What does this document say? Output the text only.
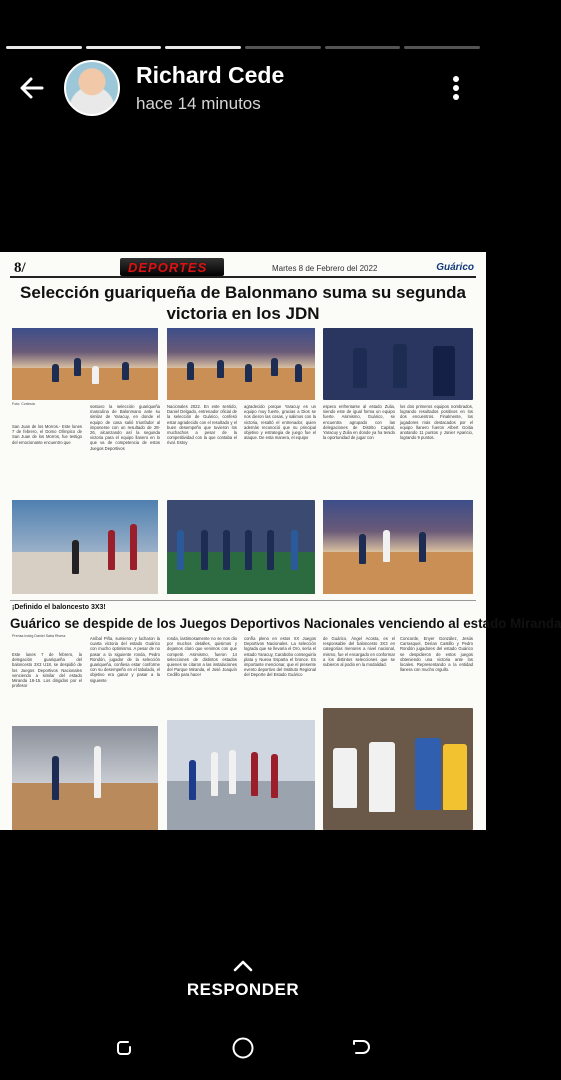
Richard Cede
hace 14 minutos
8/	DEPORTES	Martes 8 de Febrero del 2022	Guárico
Selección guariqueña de Balonmano suma su segunda victoria en los JDN
Foto: Cortesía
San Juan de los Morros.- Este lunes 7 de febrero, el Domo Olímpico de San Juan de los Morros, fue testigo del emocionante encuentro que
sostuvo la selección guariqueña masculina de Balonmano ante su similar de Yaracuy, en donde el equipo de casa salió triunfador al imponerse con un resultado de 28-26, alcanzando así la segunda victoria para el equipo llanero en lo que va de competencia de estos Juegos Deportivos
Nacionales 2022. En este sentido, Daniel Delgado, entrenador oficial de la selección de Guárico, confesó estar agradecido con el resultado y el buen desempeño que tuvieron los muchachos a pesar de la competitividad con la que contaba el rival. Estoy
agradecido porque Yaracuy es un equipo muy fuerte, gracias a Dios se nos dieron las cosas, y salimos con la victoria, resaltó el entrenador, quien además reconoció que su principal objetivo y estrategia de juego fue el ataque. De esta manera, el equipo
espera enfrentarse al estado Zulia, siendo este de igual forma un equipo fuerte. Asimismo, Guárico, se encuentra agrupado con las delegaciones de Distrito Capital, Yaracuy y Zulia en donde ya ha tenido la oportunidad de jugar con
los dos primeros equipos nombrados, logrando resultados positivos en los dos encuentros. Finalmente, los jugadores más destacados por el equipo llanero fueron Albert Goitia anotando 11 puntos y Jonier Aparicio, logrando 9 puntos.
¡Definido el baloncesto 3X3!
Guárico se despide de los Juegos Deportivos Nacionales venciendo al estado Miranda
Prensa Indeg Daniel Saba Rivera
Este lunes 7 de febrero, la delegación guariqueña del baloncesto 3X3 U18, se despidió de los Juegos Deportivos Nacionales venciendo a similar del estado Miranda 16-15. Los dirigidos por el profesor
Aníbal Piña, sumieron y lucharon la cuarta victoria del estado Guárico con mucho optimismo. A pesar de no pasar a la siguiente ronda, Pedro Rondón, jugador de la selección guariqueña, confiesa estar conforme con su desempeño en el tabulado, el objetivo era ganar y pasar a la siguiente
ronda, lastimosamente no se nos dio por muchos detalles, quisimos y dejamos claro que venimos con que competir. Asimismo, fueron 14 selecciones de distintos estados quienes se citaron a las instalaciones del Parque Miranda, el José Joaquín Cedillo para hacer
confía pleno en estos XX Juegos Deportivos Nacionales. La selección lograda que se llevaría el Oro, sería el estado Yaracuy, Carabobo conseguiría plata y Nueva Esparta el bronce. Es importante mencionar, que el presente evento deportivo del Instituto Regional del Deporte del Estado Guárico
de Guárico, Ángel Acosta, es el responsable del baloncesto 3X3 en categorías menores a nivel nacional, mismo, fue el encargado en conformar a los distintos selecciones que se subieron al podio en la modalidad.
Concorde, Enyer González, Jesús Carrasquel, Derian Castillo y Pedro Rondón jugadores del estado Guárico se despidieron de estos juegos obteniendo una victoria ante los locales. Representando a la entidad llanera con mucho orgullo.
RESPONDER
